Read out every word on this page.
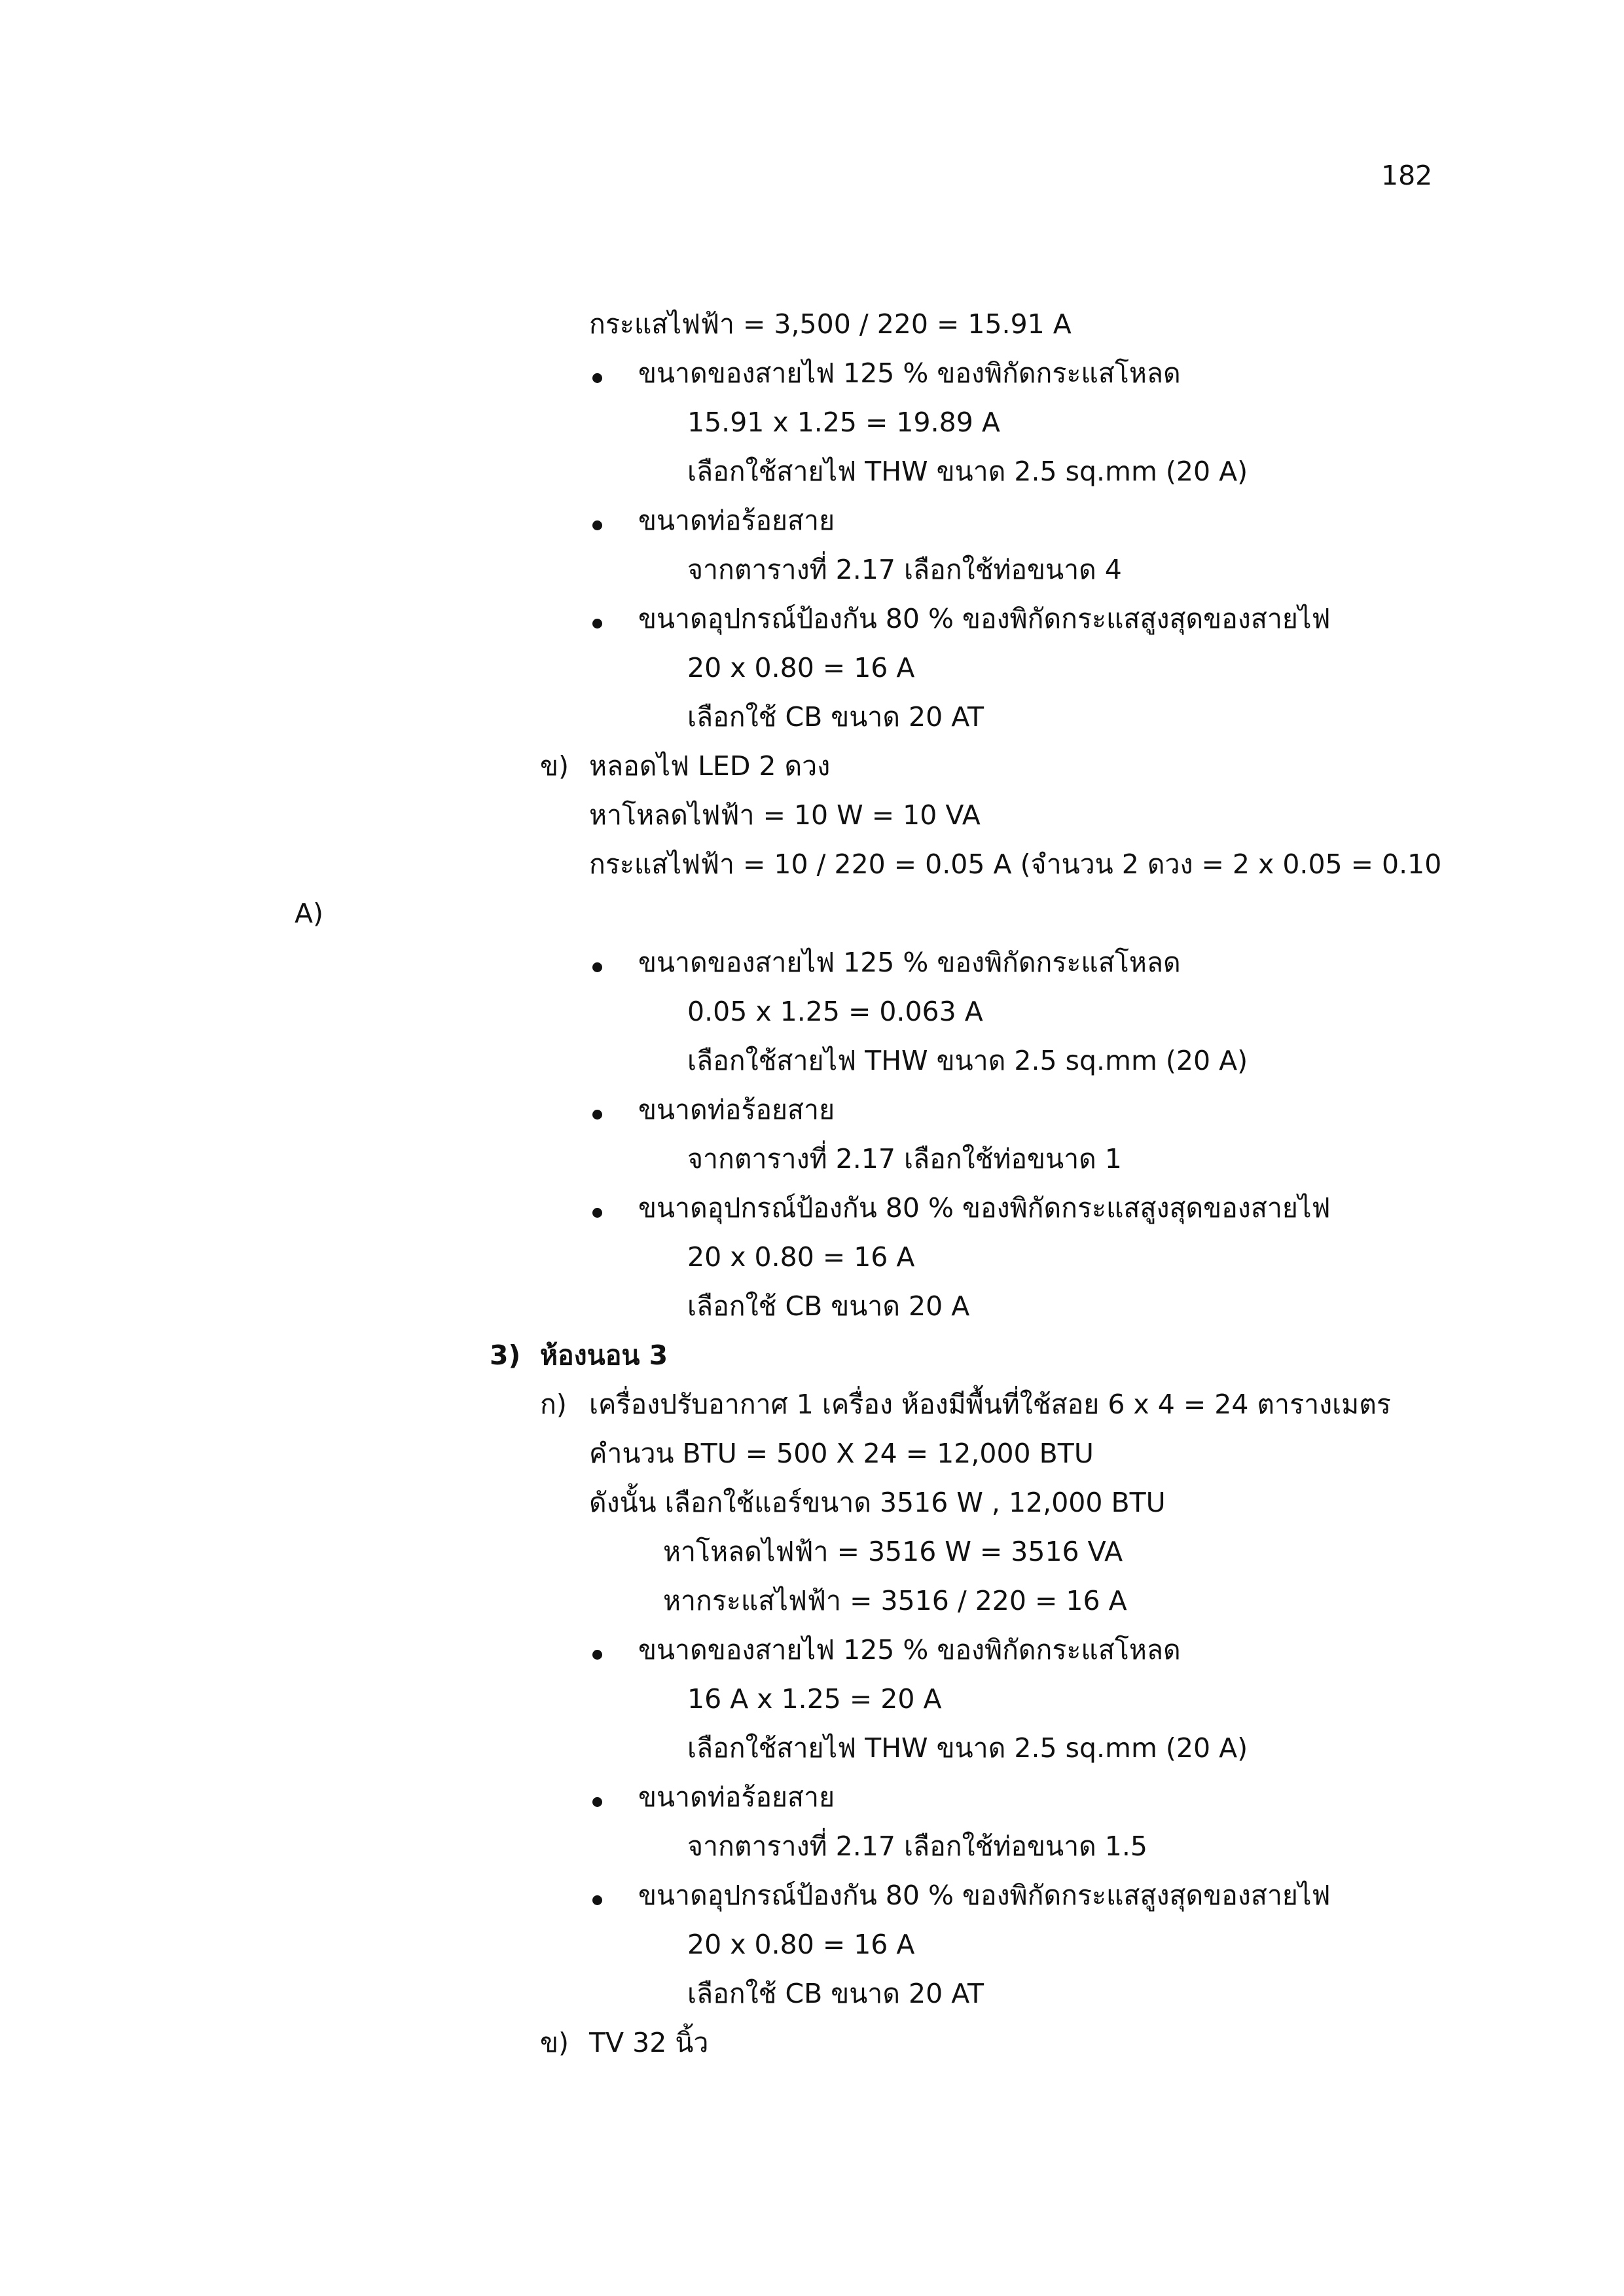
182
กระแสไฟฟ้า = 3,500 / 220 = 15.91 A
ขนาดของสายไฟ 125 % ของพิกัดกระแสโหลด
15.91 x 1.25 = 19.89 A
เลือกใช้สายไฟ THW ขนาด 2.5 sq.mm (20 A)
ขนาดท่อร้อยสาย
จากตารางที่ 2.17 เลือกใช้ท่อขนาด 4
ขนาดอุปกรณ์ป้องกัน 80 % ของพิกัดกระแสสูงสุดของสายไฟ
20 x 0.80 = 16 A
เลือกใช้ CB ขนาด 20 AT
ข) หลอดไฟ LED 2 ดวง
หาโหลดไฟฟ้า = 10 W = 10 VA
กระแสไฟฟ้า = 10 / 220 = 0.05 A (จำนวน 2 ดวง = 2 x 0.05 = 0.10
A)
ขนาดของสายไฟ 125 % ของพิกัดกระแสโหลด
0.05 x 1.25 = 0.063 A
เลือกใช้สายไฟ THW ขนาด 2.5 sq.mm (20 A)
ขนาดท่อร้อยสาย
จากตารางที่ 2.17 เลือกใช้ท่อขนาด 1
ขนาดอุปกรณ์ป้องกัน 80 % ของพิกัดกระแสสูงสุดของสายไฟ
20 x 0.80 = 16 A
เลือกใช้ CB ขนาด 20 A
3) ห้องนอน 3
ก) เครื่องปรับอากาศ 1 เครื่อง ห้องมีพื้นที่ใช้สอย 6 x 4 = 24 ตารางเมตร
คำนวน BTU = 500 X 24 = 12,000 BTU
ดังนั้น เลือกใช้แอร์ขนาด 3516 W , 12,000 BTU
หาโหลดไฟฟ้า = 3516 W = 3516 VA
หากระแสไฟฟ้า = 3516 / 220 = 16 A
ขนาดของสายไฟ 125 % ของพิกัดกระแสโหลด
16 A x 1.25 = 20 A
เลือกใช้สายไฟ THW ขนาด 2.5 sq.mm (20 A)
ขนาดท่อร้อยสาย
จากตารางที่ 2.17 เลือกใช้ท่อขนาด 1.5
ขนาดอุปกรณ์ป้องกัน 80 % ของพิกัดกระแสสูงสุดของสายไฟ
20 x 0.80 = 16 A
เลือกใช้ CB ขนาด 20 AT
ข) TV 32 นิ้ว
